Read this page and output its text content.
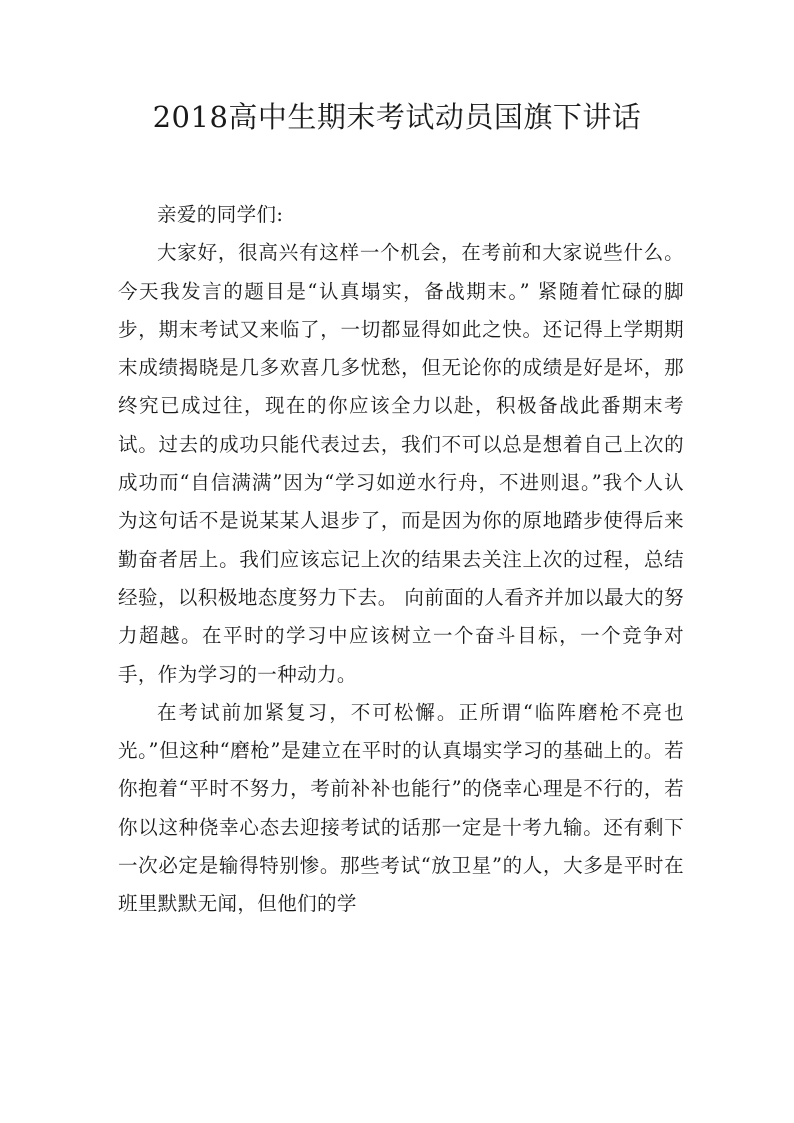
2018高中生期末考试动员国旗下讲话

亲爱的同学们:

大家好，很高兴有这样一个机会，在考前和大家说些什么。今天我发言的题目是“认真塌实，备战期末。” 紧随着忙碌的脚步，期末考试又来临了，一切都显得如此之快。还记得上学期期末成绩揭晓是几多欢喜几多忧愁，但无论你的成绩是好是坏，那终究已成过往，现在的你应该全力以赴，积极备战此番期末考试。过去的成功只能代表过去，我们不可以总是想着自己上次的成功而“自信满满”因为“学习如逆水行舟，不进则退。”我个人认为这句话不是说某某人退步了，而是因为你的原地踏步使得后来勤奋者居上。我们应该忘记上次的结果去关注上次的过程，总结经验，以积极地态度努力下去。 向前面的人看齐并加以最大的努力超越。在平时的学习中应该树立一个奋斗目标，一个竞争对手，作为学习的一种动力。

在考试前加紧复习，不可松懈。正所谓“临阵磨枪不亮也光。”但这种“磨枪”是建立在平时的认真塌实学习的基础上的。若你抱着“平时不努力，考前补补也能行”的侥幸心理是不行的，若你以这种侥幸心态去迎接考试的话那一定是十考九输。还有剩下一次必定是输得特别惨。那些考试“放卫星”的人，大多是平时在班里默默无闻，但他们的学
